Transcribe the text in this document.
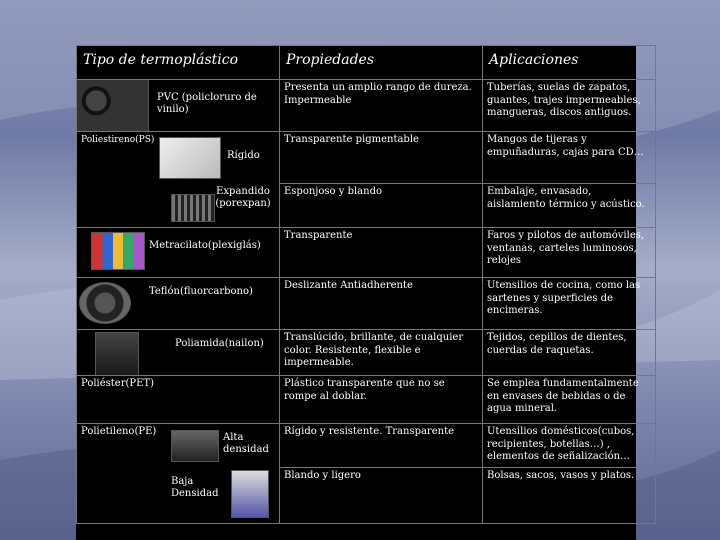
Tipo de termoplástico	Propiedades	Aplicaciones

PVC (policloruro de vinilo)	Presenta un amplio rango de dureza. Impermeable	Tuberías, suelas de zapatos, guantes, trajes impermeables, mangueras, discos antiguos.

Poliestireno(PS)
Rígido	Transparente pigmentable	Mangos de tijeras y empuñaduras, cajas para CD…

Expandido (porexpan)	Esponjoso y blando	Embalaje, envasado, aislamiento térmico y acústico.

Metracilato(plexiglás)	Transparente	Faros y pilotos de automóviles, ventanas, carteles luminosos, relojes

Teflón(fluorcarbono)	Deslizante Antiadherente	Utensilios de cocina, como las sartenes y superficies de encimeras.

Poliamida(nailon)	Translúcido, brillante, de cualquier color. Resistente, flexible e impermeable.	Tejidos, cepillos de dientes, cuerdas de raquetas.

Poliéster(PET)	Plástico transparente que no se rompe al doblar.	Se emplea fundamentalmente en envases de bebidas o de agua mineral.

Polietileno(PE)
Alta densidad	Rígido y resistente. Transparente	Utensilios domésticos(cubos, recipientes, botellas…) , elementos de señalización…

Baja Densidad	Blando y ligero	Bolsas, sacos, vasos y platos.
